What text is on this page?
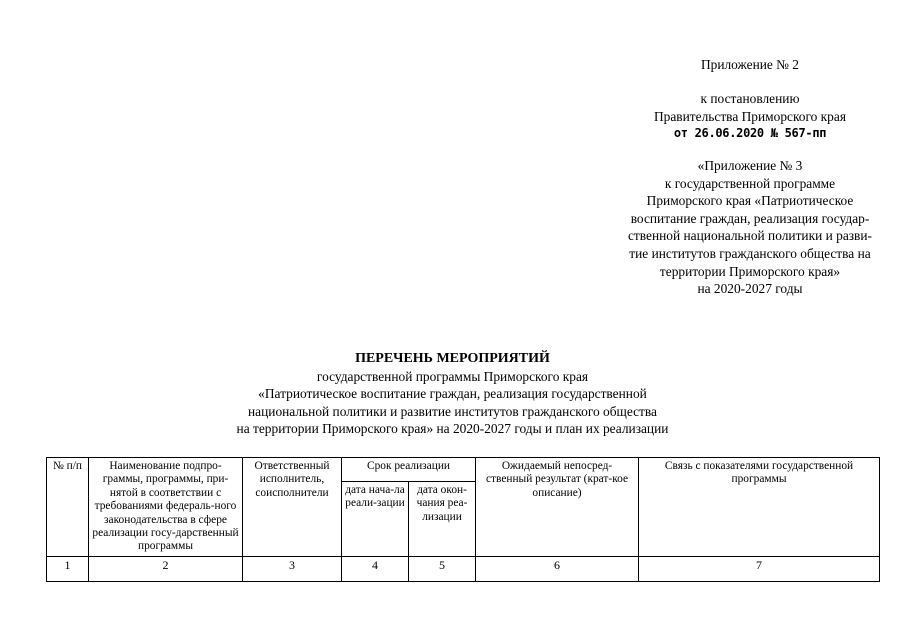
Приложение № 2
к постановлению
Правительства Приморского края
от 26.06.2020 № 567-пп
«Приложение № 3
к государственной программе
Приморского края «Патриотическое
воспитание граждан, реализация государ-
ственной национальной политики и разви-
тие институтов гражданского общества на
территории Приморского края»
на 2020-2027 годы
ПЕРЕЧЕНЬ МЕРОПРИЯТИЙ
государственной программы Приморского края
«Патриотическое воспитание граждан, реализация государственной
национальной политики и развитие институтов гражданского общества
на территории Приморского края» на 2020-2027 годы и план их реализации
№ п/п	Наименование подпро-граммы, программы, при-нятой в соответствии с требованиями федераль-ного законодательства в сфере реализации госу-дарственный программы	Ответственный исполнитель, соисполнители	Срок реализации		Ожидаемый непосред-ственный результат (крат-кое описание)	Связь с показателями государственной программы
			дата нача-ла реали-зации	дата окон-чания реа-лизации		
1	2	3	4	5	6	7
